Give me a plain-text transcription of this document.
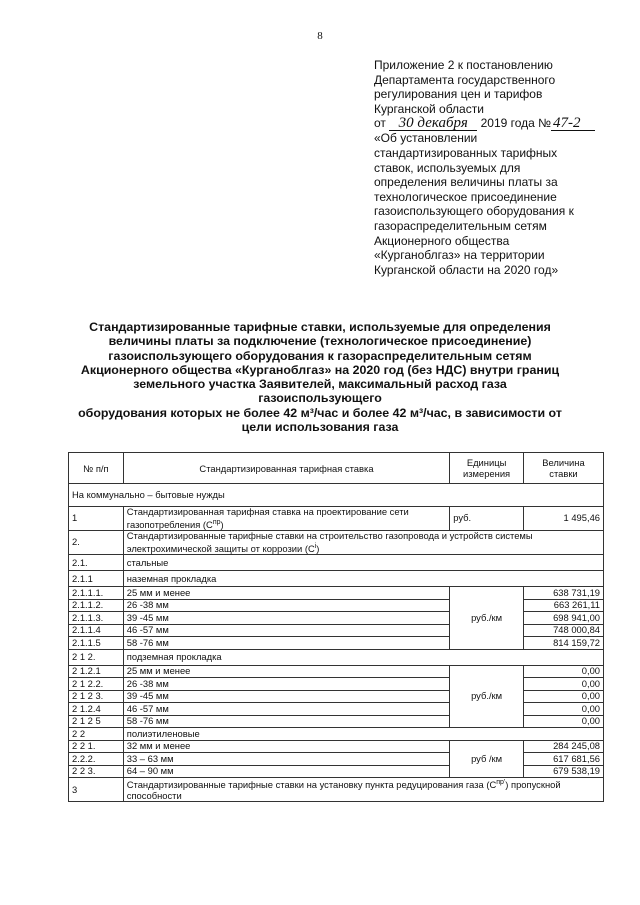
8
Приложение 2 к постановлению
Департамента государственного
регулирования цен и тарифов
Курганской области
от 30 декабря 2019 года № 47-2
«Об установлении
стандартизированных тарифных
ставок, используемых для
определения величины платы за
технологическое присоединение
газоиспользующего оборудования к
газораспределительным сетям
Акционерного общества
«Курганоблгаз» на территории
Курганской области на 2020 год»

Стандартизированные тарифные ставки, используемые для определения

величины платы за подключение (технологическое присоединение)

газоиспользующего оборудования к газораспределительным сетям

Акционерного общества «Курганоблгаз» на 2020 год (без НДС) внутри границ

земельного участка Заявителей, максимальный расход газа газоиспользующего

оборудования которых не более 42 м³/час и более 42 м³/час, в зависимости от

цели использования газа

№ п/п	Стандартизированная тарифная ставка	Единицы измерения	Величина ставки
На коммунально – бытовые нужды			
1	Стандартизированная тарифная ставка на проектирование сети газопотребления $(С^{пр})$	руб.	1 495,46
2.	Стандартизированные тарифные ставки на строительство газопровода и устройств системы электрохимической защиты от коррозии $(С^i)$		
2.1.	стальные		
2.1.1	наземная прокладка		
2.1.1.1.	25 мм и менее	руб./км	638 731,19
2.1.1.2.	26 -38 мм		663 261,11
2.1.1.3.	39 -45 мм		698 941,00
2.1.1.4	46 -57 мм		748 000,84
2.1.1.5	58 -76 мм		814 159,72
2 1 2.	подземная прокладка		
2 1.2.1	25 мм и менее	руб./км	0,00
2 1 2.2.	26 -38 мм		0,00
2 1 2 3.	39 -45 мм		0,00
2 1.2.4	46 -57 мм		0,00
2 1 2 5	58 -76 мм		0,00
2 2	полиэтиленовые		
2 2 1.	32 мм и менее	руб /км	284 245,08
2.2.2.	33 – 63 мм		617 681,56
2 2 3.	64 – 90 мм		679 538,19
3	Стандартизированные тарифные ставки на установку пункта редуцирования газа $(С^{пр'})$ пропускной способности		
